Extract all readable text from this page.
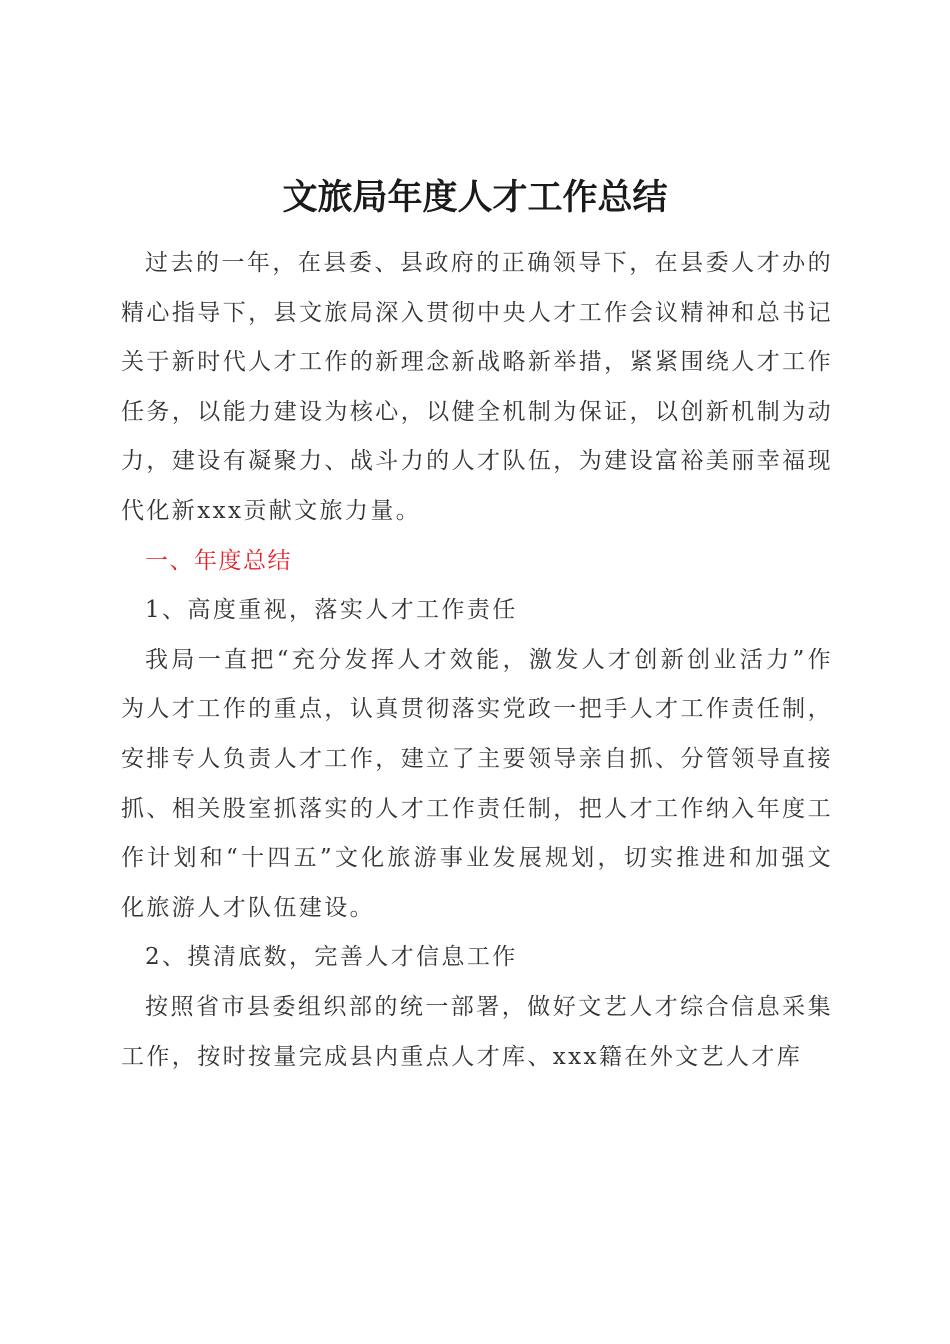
文旅局年度人才工作总结

过去的一年，在县委、县政府的正确领导下，在县委人才办的精心指导下，县文旅局深入贯彻中央人才工作会议精神和总书记关于新时代人才工作的新理念新战略新举措，紧紧围绕人才工作任务，以能力建设为核心，以健全机制为保证，以创新机制为动力，建设有凝聚力、战斗力的人才队伍，为建设富裕美丽幸福现代化新xxx贡献文旅力量。

一、年度总结

1、高度重视，落实人才工作责任

我局一直把“充分发挥人才效能，激发人才创新创业活力”作为人才工作的重点，认真贯彻落实党政一把手人才工作责任制，安排专人负责人才工作，建立了主要领导亲自抓、分管领导直接抓、相关股室抓落实的人才工作责任制，把人才工作纳入年度工作计划和“十四五”文化旅游事业发展规划，切实推进和加强文化旅游人才队伍建设。

2、摸清底数，完善人才信息工作

按照省市县委组织部的统一部署，做好文艺人才综合信息采集工作，按时按量完成县内重点人才库、xxx籍在外文艺人才库
